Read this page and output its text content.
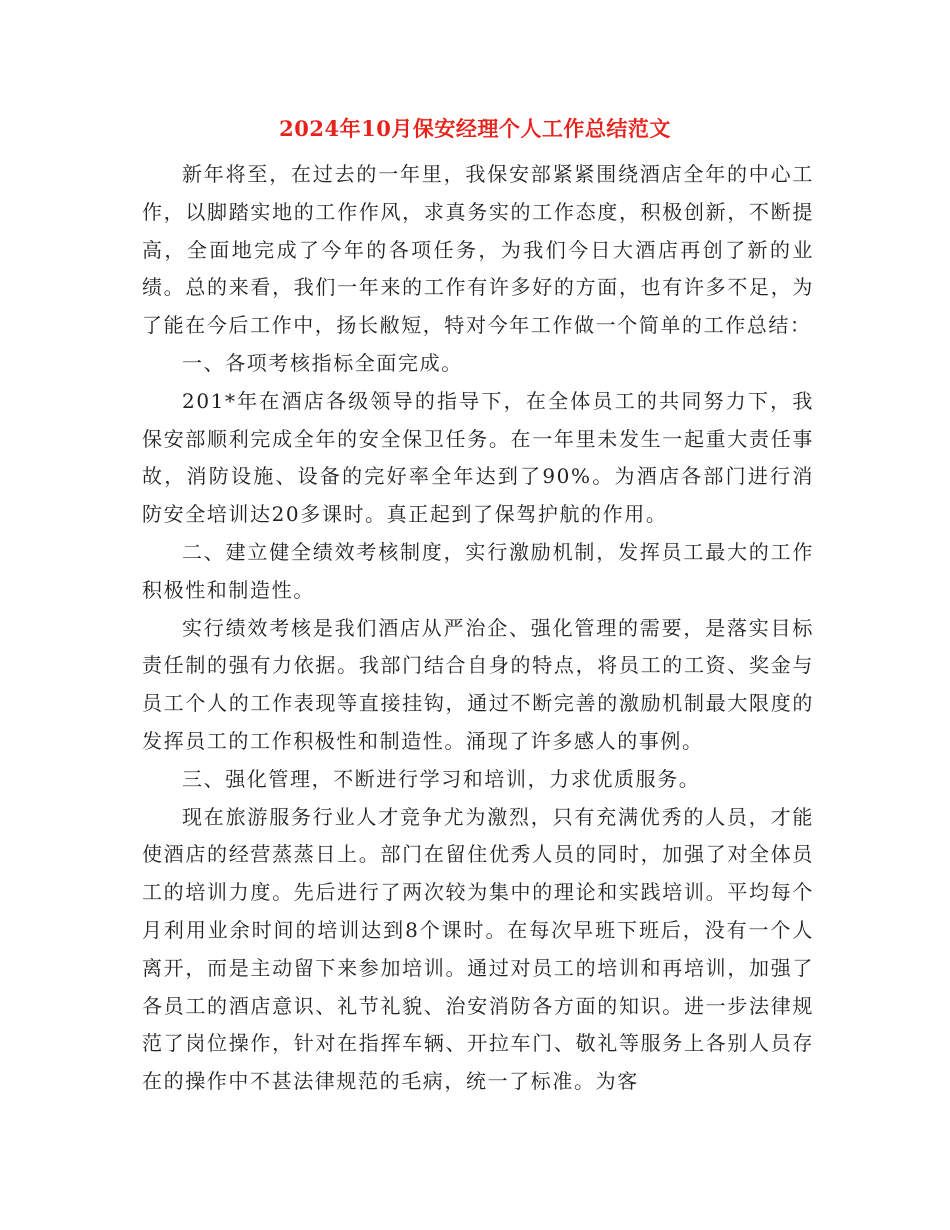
2024年10月保安经理个人工作总结范文

新年将至，在过去的一年里，我保安部紧紧围绕酒店全年的中心工作，以脚踏实地的工作作风，求真务实的工作态度，积极创新，不断提高，全面地完成了今年的各项任务，为我们今日大酒店再创了新的业绩。总的来看，我们一年来的工作有许多好的方面，也有许多不足，为了能在今后工作中，扬长敝短，特对今年工作做一个简单的工作总结：

一、各项考核指标全面完成。

201*年在酒店各级领导的指导下，在全体员工的共同努力下，我保安部顺利完成全年的安全保卫任务。在一年里未发生一起重大责任事故，消防设施、设备的完好率全年达到了90%。为酒店各部门进行消防安全培训达20多课时。真正起到了保驾护航的作用。

二、建立健全绩效考核制度，实行激励机制，发挥员工最大的工作积极性和制造性。

实行绩效考核是我们酒店从严治企、强化管理的需要，是落实目标责任制的强有力依据。我部门结合自身的特点，将员工的工资、奖金与员工个人的工作表现等直接挂钩，通过不断完善的激励机制最大限度的发挥员工的工作积极性和制造性。涌现了许多感人的事例。

三、强化管理，不断进行学习和培训，力求优质服务。

现在旅游服务行业人才竞争尤为激烈，只有充满优秀的人员，才能使酒店的经营蒸蒸日上。部门在留住优秀人员的同时，加强了对全体员工的培训力度。先后进行了两次较为集中的理论和实践培训。平均每个月利用业余时间的培训达到8个课时。在每次早班下班后，没有一个人离开，而是主动留下来参加培训。通过对员工的培训和再培训，加强了各员工的酒店意识、礼节礼貌、治安消防各方面的知识。进一步法律规范了岗位操作，针对在指挥车辆、开拉车门、敬礼等服务上各别人员存在的操作中不甚法律规范的毛病，统一了标准。为客
